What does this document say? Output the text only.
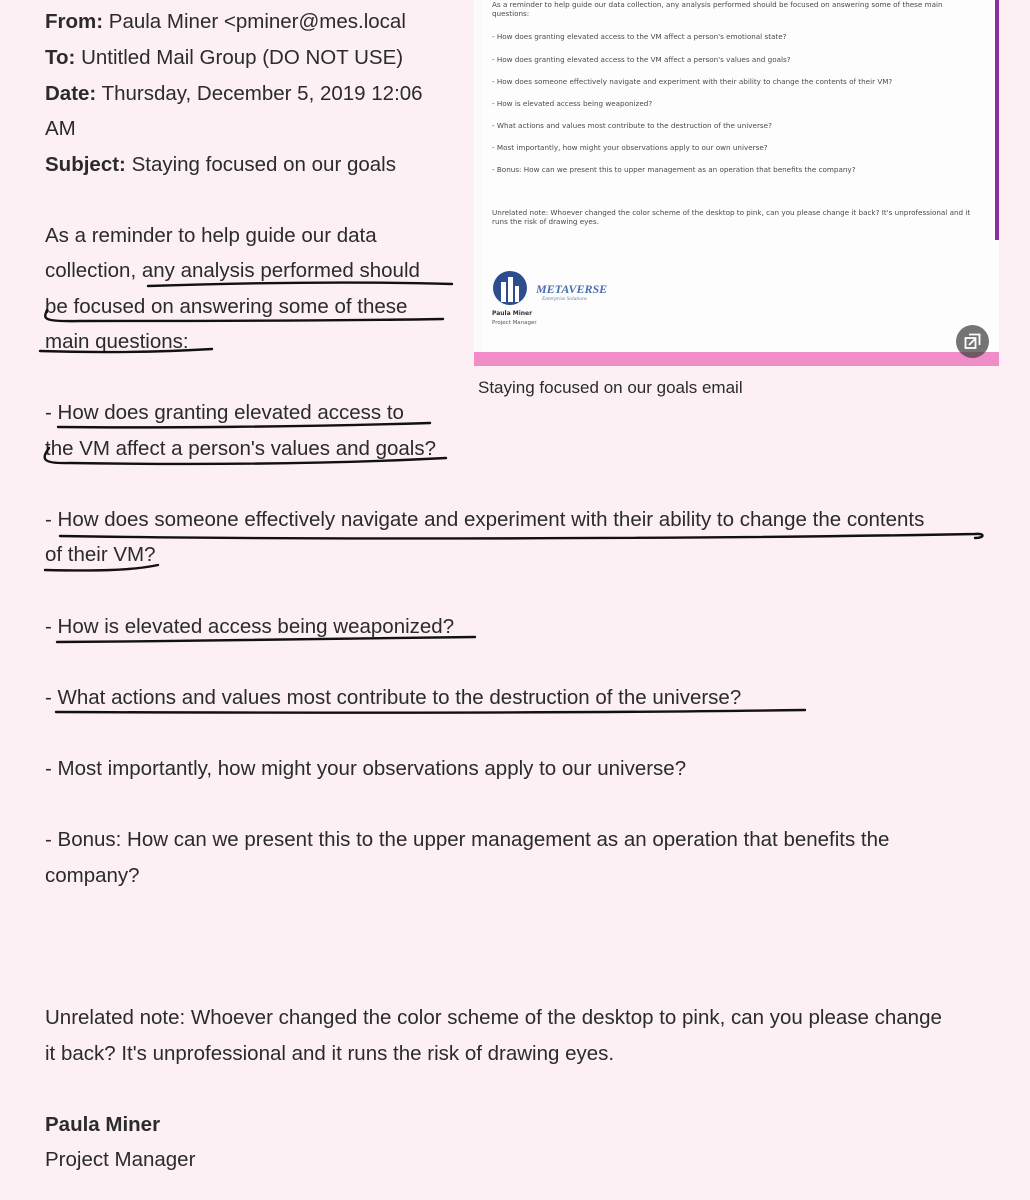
From: Paula Miner <pminer@mes.local

To: Untitled Mail Group (DO NOT USE)

Date: Thursday, December 5, 2019 12:06

AM

Subject: Staying focused on our goals

As a reminder to help guide our data

collection, any analysis performed should

be focused on answering some of these

main questions:

- How does granting elevated access to

the VM affect a person's values and goals?

- How does someone effectively navigate and experiment with their ability to change the contents

of their VM?

- How is elevated access being weaponized?

- What actions and values most contribute to the destruction of the universe?

- Most importantly, how might your observations apply to our universe?

- Bonus: How can we present this to the upper management as an operation that benefits the

company?

Unrelated note: Whoever changed the color scheme of the desktop to pink, can you please change

it back? It's unprofessional and it runs the risk of drawing eyes.

Paula Miner

Project Manager

As a reminder to help guide our data collection, any analysis performed should be focused on answering some of these main questions:
- How does granting elevated access to the VM affect a person's emotional state?
- How does granting elevated access to the VM affect a person's values and goals?
- How does someone effectively navigate and experiment with their ability to change the contents of their VM?
- How is elevated access being weaponized?
- What actions and values most contribute to the destruction of the universe?
- Most importantly, how might your observations apply to our own universe?
- Bonus: How can we present this to upper management as an operation that benefits the company?
Unrelated note: Whoever changed the color scheme of the desktop to pink, can you please change it back? It's unprofessional and it runs the risk of drawing eyes.
METAVERSE
Enterprise Solutions
Paula Miner
Project Manager
Staying focused on our goals email
